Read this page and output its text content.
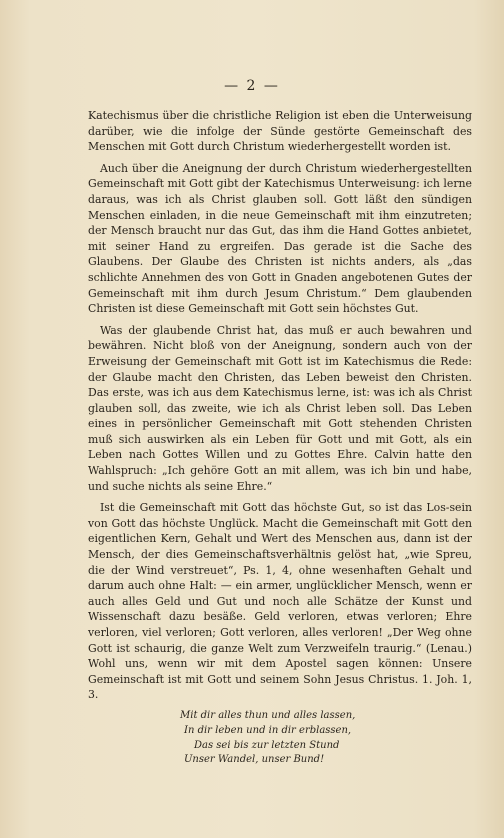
— 2 —

Katechismus über die christliche Religion ist eben die Unterweisung darüber, wie die infolge der Sünde gestörte Gemeinschaft des Menschen mit Gott durch Christum wiederhergestellt worden ist.

Auch über die Aneignung der durch Christum wiederhergestellten Gemeinschaft mit Gott gibt der Katechismus Unterweisung: ich lerne daraus, was ich als Christ glauben soll. Gott läßt den sündigen Menschen einladen, in die neue Gemeinschaft mit ihm einzutreten; der Mensch braucht nur das Gut, das ihm die Hand Gottes anbietet, mit seiner Hand zu ergreifen. Das gerade ist die Sache des Glaubens. Der Glaube des Christen ist nichts anders, als „das schlichte Annehmen des von Gott in Gnaden angebotenen Gutes der Gemeinschaft mit ihm durch Jesum Christum.“ Dem glaubenden Christen ist diese Gemeinschaft mit Gott sein höchstes Gut.

Was der glaubende Christ hat, das muß er auch bewahren und bewähren. Nicht bloß von der Aneignung, sondern auch von der Erweisung der Gemeinschaft mit Gott ist im Katechismus die Rede: der Glaube macht den Christen, das Leben beweist den Christen. Das erste, was ich aus dem Katechismus lerne, ist: was ich als Christ glauben soll, das zweite, wie ich als Christ leben soll. Das Leben eines in persönlicher Gemeinschaft mit Gott stehenden Christen muß sich auswirken als ein Leben für Gott und mit Gott, als ein Leben nach Gottes Willen und zu Gottes Ehre. Calvin hatte den Wahlspruch: „Ich gehöre Gott an mit allem, was ich bin und habe, und suche nichts als seine Ehre.“

Ist die Gemeinschaft mit Gott das höchste Gut, so ist das Los-sein von Gott das höchste Unglück. Macht die Gemeinschaft mit Gott den eigentlichen Kern, Gehalt und Wert des Menschen aus, dann ist der Mensch, der dies Gemeinschaftsverhältnis gelöst hat, „wie Spreu, die der Wind verstreuet“, Ps. 1, 4, ohne wesenhaften Gehalt und darum auch ohne Halt: — ein armer, unglücklicher Mensch, wenn er auch alles Geld und Gut und noch alle Schätze der Kunst und Wissenschaft dazu besäße. Geld verloren, etwas verloren; Ehre verloren, viel verloren; Gott verloren, alles verloren! „Der Weg ohne Gott ist schaurig, die ganze Welt zum Verzweifeln traurig.“ (Lenau.) Wohl uns, wenn wir mit dem Apostel sagen können: Unsere Gemeinschaft ist mit Gott und seinem Sohn Jesus Christus. 1. Joh. 1, 3.

Mit dir alles thun und alles lassen,
In dir leben und in dir erblassen,
Das sei bis zur letzten Stund
Unser Wandel, unser Bund!
